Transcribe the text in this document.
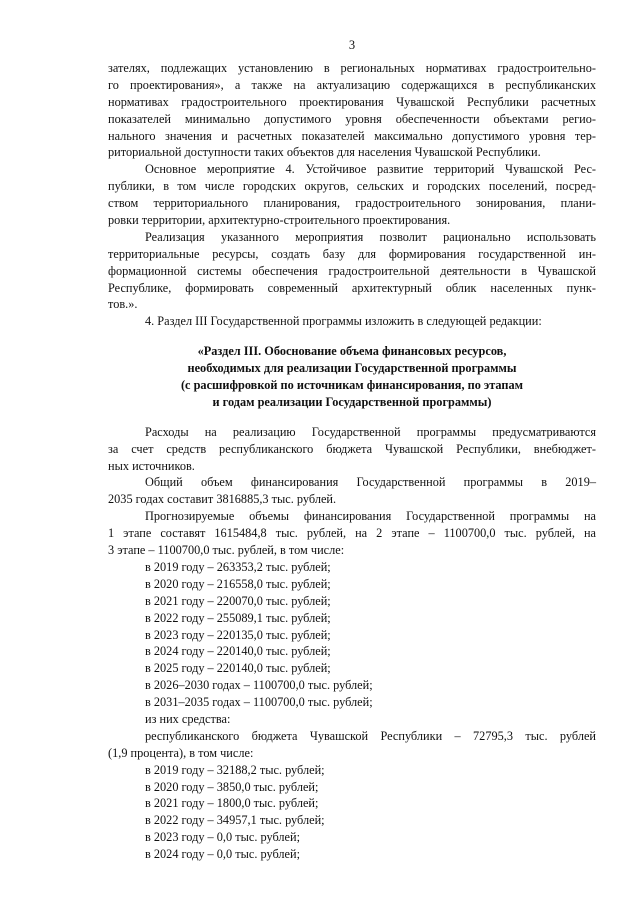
3
зателях, подлежащих установлению в региональных нормативах градостроительно-
го проектирования», а также на актуализацию содержащихся в республиканских
нормативах градостроительного проектирования Чувашской Республики расчетных
показателей минимально допустимого уровня обеспеченности объектами регио-
нального значения и расчетных показателей максимально допустимого уровня тер-
риториальной доступности таких объектов для населения Чувашской Республики.
Основное мероприятие 4. Устойчивое развитие территорий Чувашской Рес-
публики, в том числе городских округов, сельских и городских поселений, посред-
ством территориального планирования, градостроительного зонирования, плани-
ровки территории, архитектурно-строительного проектирования.
Реализация указанного мероприятия позволит рационально использовать
территориальные ресурсы, создать базу для формирования государственной ин-
формационной системы обеспечения градостроительной деятельности в Чувашской
Республике, формировать современный архитектурный облик населенных пунк-
тов.».
4. Раздел III Государственной программы изложить в следующей редакции:
«Раздел III. Обоснование объема финансовых ресурсов,
необходимых для реализации Государственной программы
(с расшифровкой по источникам финансирования, по этапам
и годам реализации Государственной программы)
Расходы на реализацию Государственной программы предусматриваются
за счет средств республиканского бюджета Чувашской Республики, внебюджет-
ных источников.
Общий объем финансирования Государственной программы в 2019–
2035 годах составит 3816885,3 тыс. рублей.
Прогнозируемые объемы финансирования Государственной программы на
1 этапе составят 1615484,8 тыс. рублей, на 2 этапе – 1100700,0 тыс. рублей, на
3 этапе – 1100700,0 тыс. рублей, в том числе:
в 2019 году – 263353,2 тыс. рублей;
в 2020 году – 216558,0 тыс. рублей;
в 2021 году – 220070,0 тыс. рублей;
в 2022 году – 255089,1 тыс. рублей;
в 2023 году – 220135,0 тыс. рублей;
в 2024 году – 220140,0 тыс. рублей;
в 2025 году – 220140,0 тыс. рублей;
в 2026–2030 годах – 1100700,0 тыс. рублей;
в 2031–2035 годах – 1100700,0 тыс. рублей;
из них средства:
республиканского бюджета Чувашской Республики – 72795,3 тыс. рублей
(1,9 процента), в том числе:
в 2019 году – 32188,2 тыс. рублей;
в 2020 году – 3850,0 тыс. рублей;
в 2021 году – 1800,0 тыс. рублей;
в 2022 году – 34957,1 тыс. рублей;
в 2023 году – 0,0 тыс. рублей;
в 2024 году – 0,0 тыс. рублей;
